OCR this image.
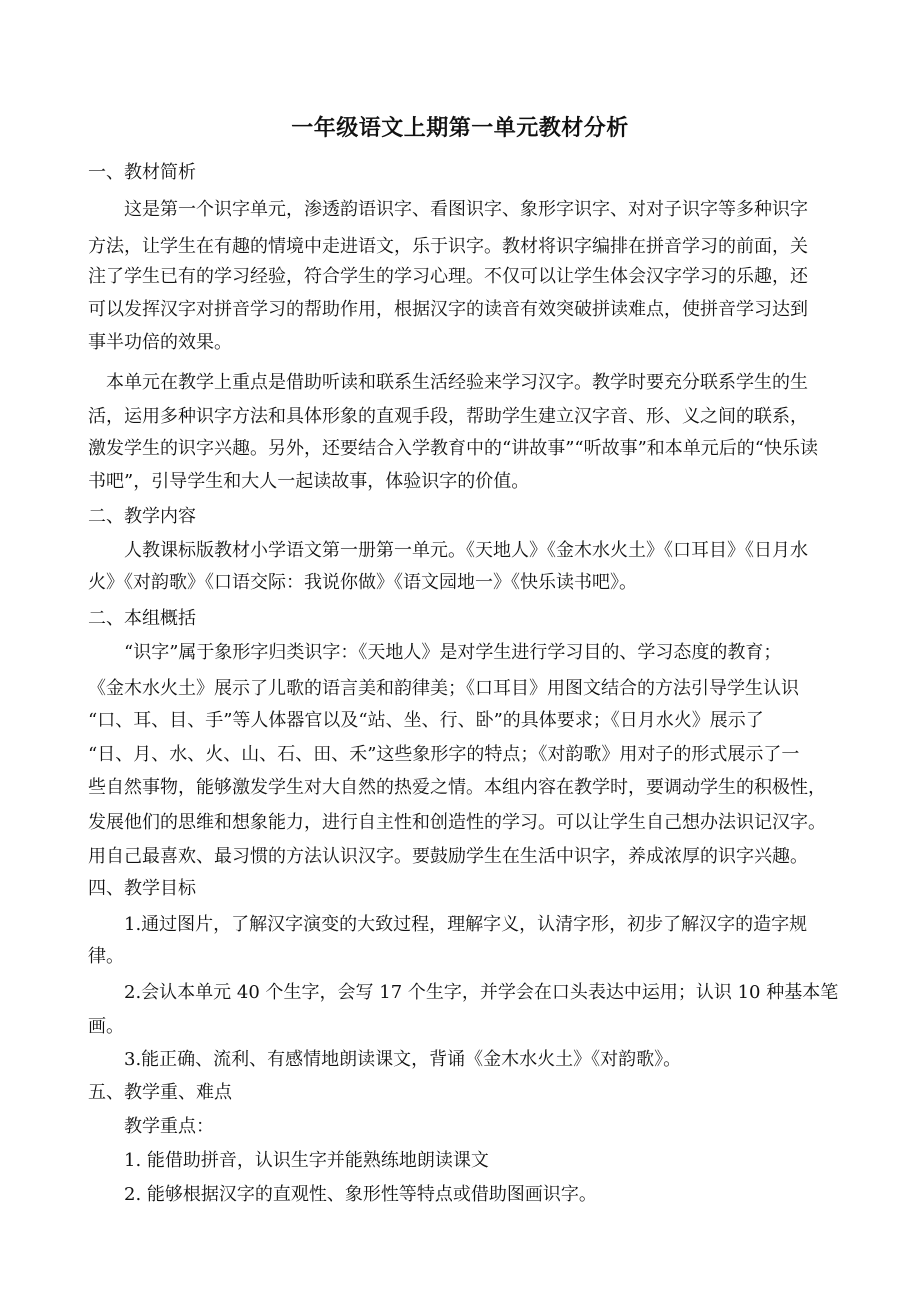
一年级语文上期第一单元教材分析
一、教材简析
　　这是第一个识字单元，渗透韵语识字、看图识字、象形字识字、对对子识字等多种识字
方法，让学生在有趣的情境中走进语文，乐于识字。教材将识字编排在拼音学习的前面，关
注了学生已有的学习经验，符合学生的学习心理。不仅可以让学生体会汉字学习的乐趣，还
可以发挥汉字对拼音学习的帮助作用，根据汉字的读音有效突破拼读难点，使拼音学习达到
事半功倍的效果。
　本单元在教学上重点是借助听读和联系生活经验来学习汉字。教学时要充分联系学生的生
活，运用多种识字方法和具体形象的直观手段，帮助学生建立汉字音、形、义之间的联系，
激发学生的识字兴趣。另外，还要结合入学教育中的“讲故事”“听故事”和本单元后的“快乐读
书吧”，引导学生和大人一起读故事，体验识字的价值。
二、教学内容
　　人教课标版教材小学语文第一册第一单元。《天地人》《金木水火土》《口耳目》《日月水
火》《对韵歌》《口语交际：我说你做》《语文园地一》《快乐读书吧》。
二、本组概括
　　“识字”属于象形字归类识字：《天地人》是对学生进行学习目的、学习态度的教育；
《金木水火土》展示了儿歌的语言美和韵律美；《口耳目》用图文结合的方法引导学生认识
“口、耳、目、手”等人体器官以及“站、坐、行、卧”的具体要求；《日月水火》展示了
“日、月、水、火、山、石、田、禾”这些象形字的特点；《对韵歌》用对子的形式展示了一
些自然事物，能够激发学生对大自然的热爱之情。本组内容在教学时，要调动学生的积极性，
发展他们的思维和想象能力，进行自主性和创造性的学习。可以让学生自己想办法识记汉字。
用自己最喜欢、最习惯的方法认识汉字。要鼓励学生在生活中识字，养成浓厚的识字兴趣。
四、教学目标
　　1.通过图片，了解汉字演变的大致过程，理解字义，认清字形，初步了解汉字的造字规
律。
　　2.会认本单元 40 个生字，会写 17 个生字，并学会在口头表达中运用；认识 10 种基本笔
画。
　　3.能正确、流利、有感情地朗读课文，背诵《金木水火土》《对韵歌》。
五、教学重、难点
　　教学重点：
　　1. 能借助拼音，认识生字并能熟练地朗读课文
　　2. 能够根据汉字的直观性、象形性等特点或借助图画识字。
